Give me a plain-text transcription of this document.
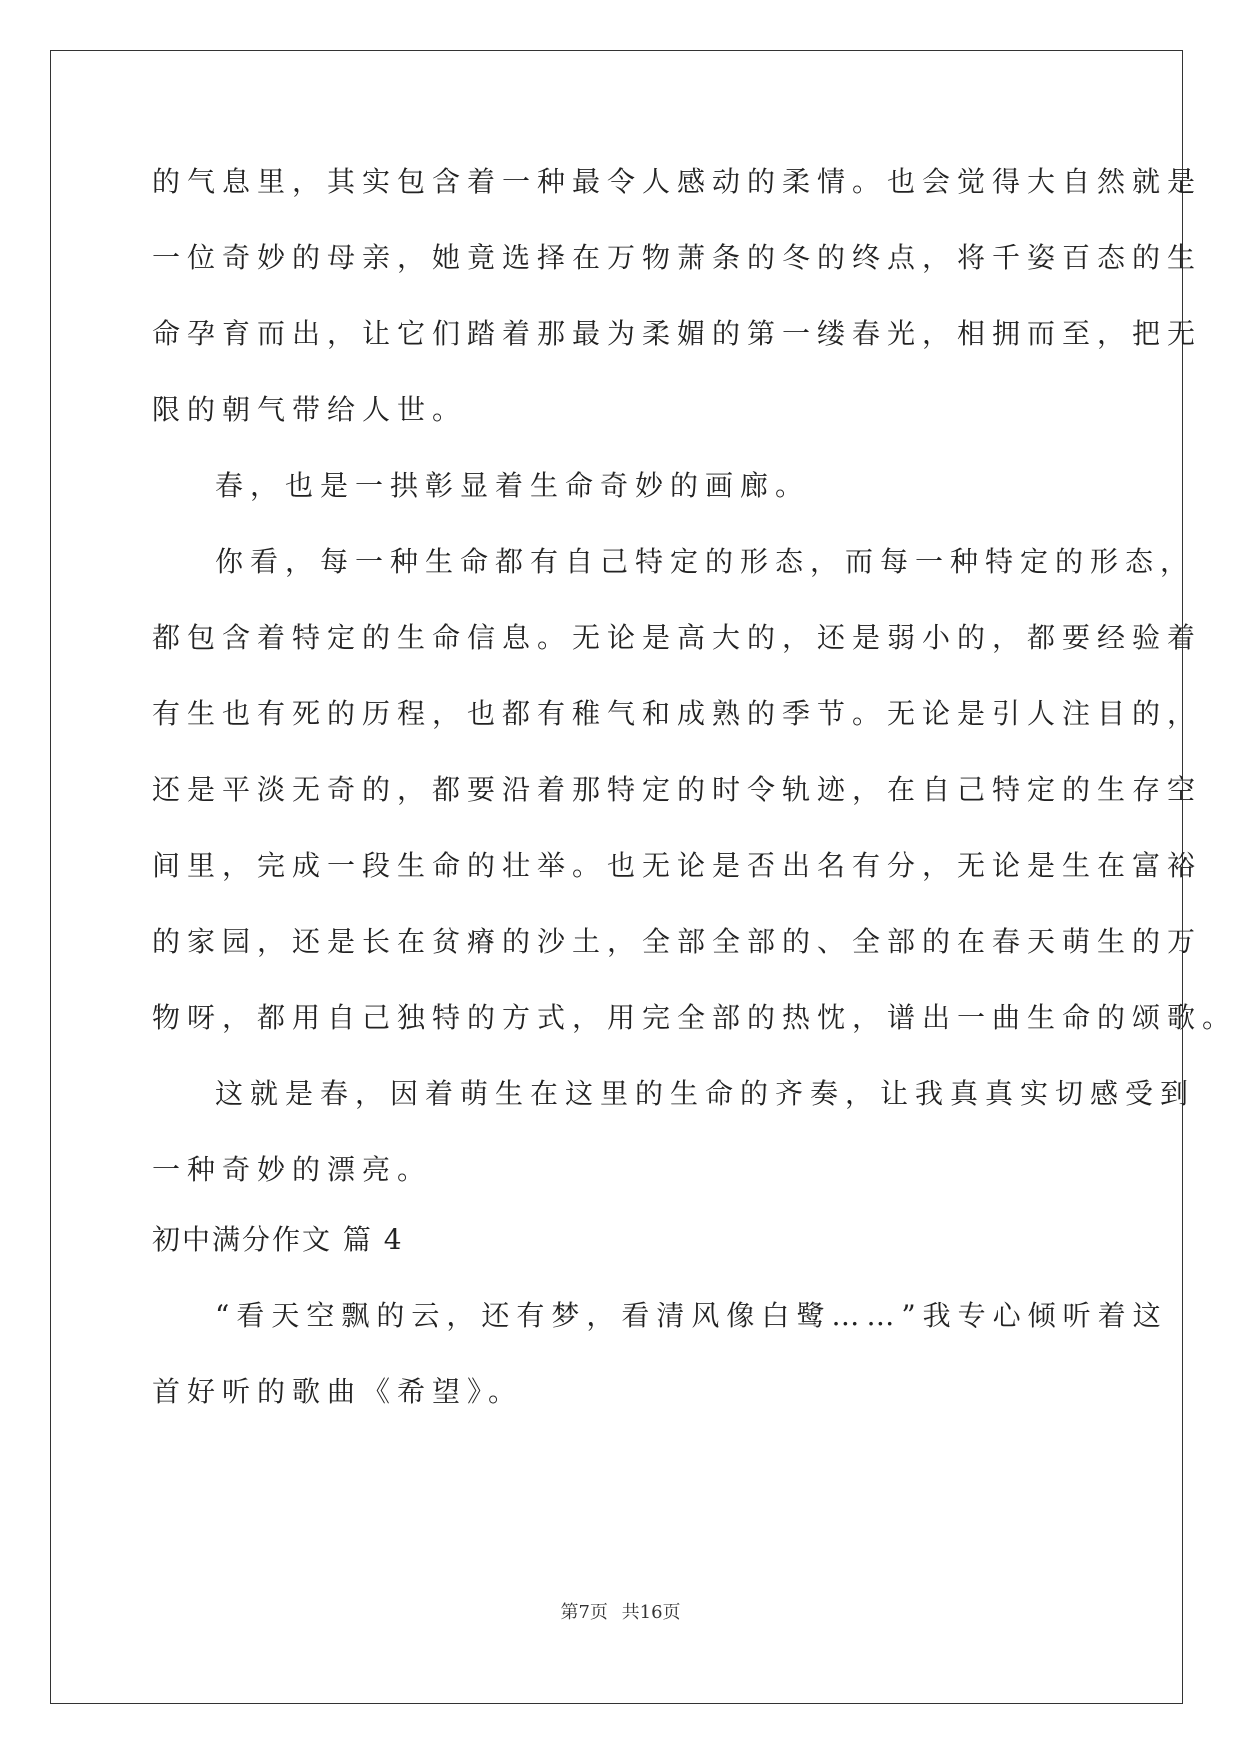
的气息里，其实包含着一种最令人感动的柔情。也会觉得大自然就是
一位奇妙的母亲，她竟选择在万物萧条的冬的终点，将千姿百态的生
命孕育而出，让它们踏着那最为柔媚的第一缕春光，相拥而至，把无
限的朝气带给人世。
春，也是一拱彰显着生命奇妙的画廊。
你看，每一种生命都有自己特定的形态，而每一种特定的形态，
都包含着特定的生命信息。无论是高大的，还是弱小的，都要经验着
有生也有死的历程，也都有稚气和成熟的季节。无论是引人注目的，
还是平淡无奇的，都要沿着那特定的时令轨迹，在自己特定的生存空
间里，完成一段生命的壮举。也无论是否出名有分，无论是生在富裕
的家园，还是长在贫瘠的沙土，全部全部的、全部的在春天萌生的万
物呀，都用自己独特的方式，用完全部的热忱，谱出一曲生命的颂歌。
这就是春，因着萌生在这里的生命的齐奏，让我真真实切感受到
一种奇妙的漂亮。
初中满分作文 篇 4
“看天空飘的云，还有梦，看清风像白鹭……”我专心倾听着这
首好听的歌曲《希望》。
第7页 共16页
